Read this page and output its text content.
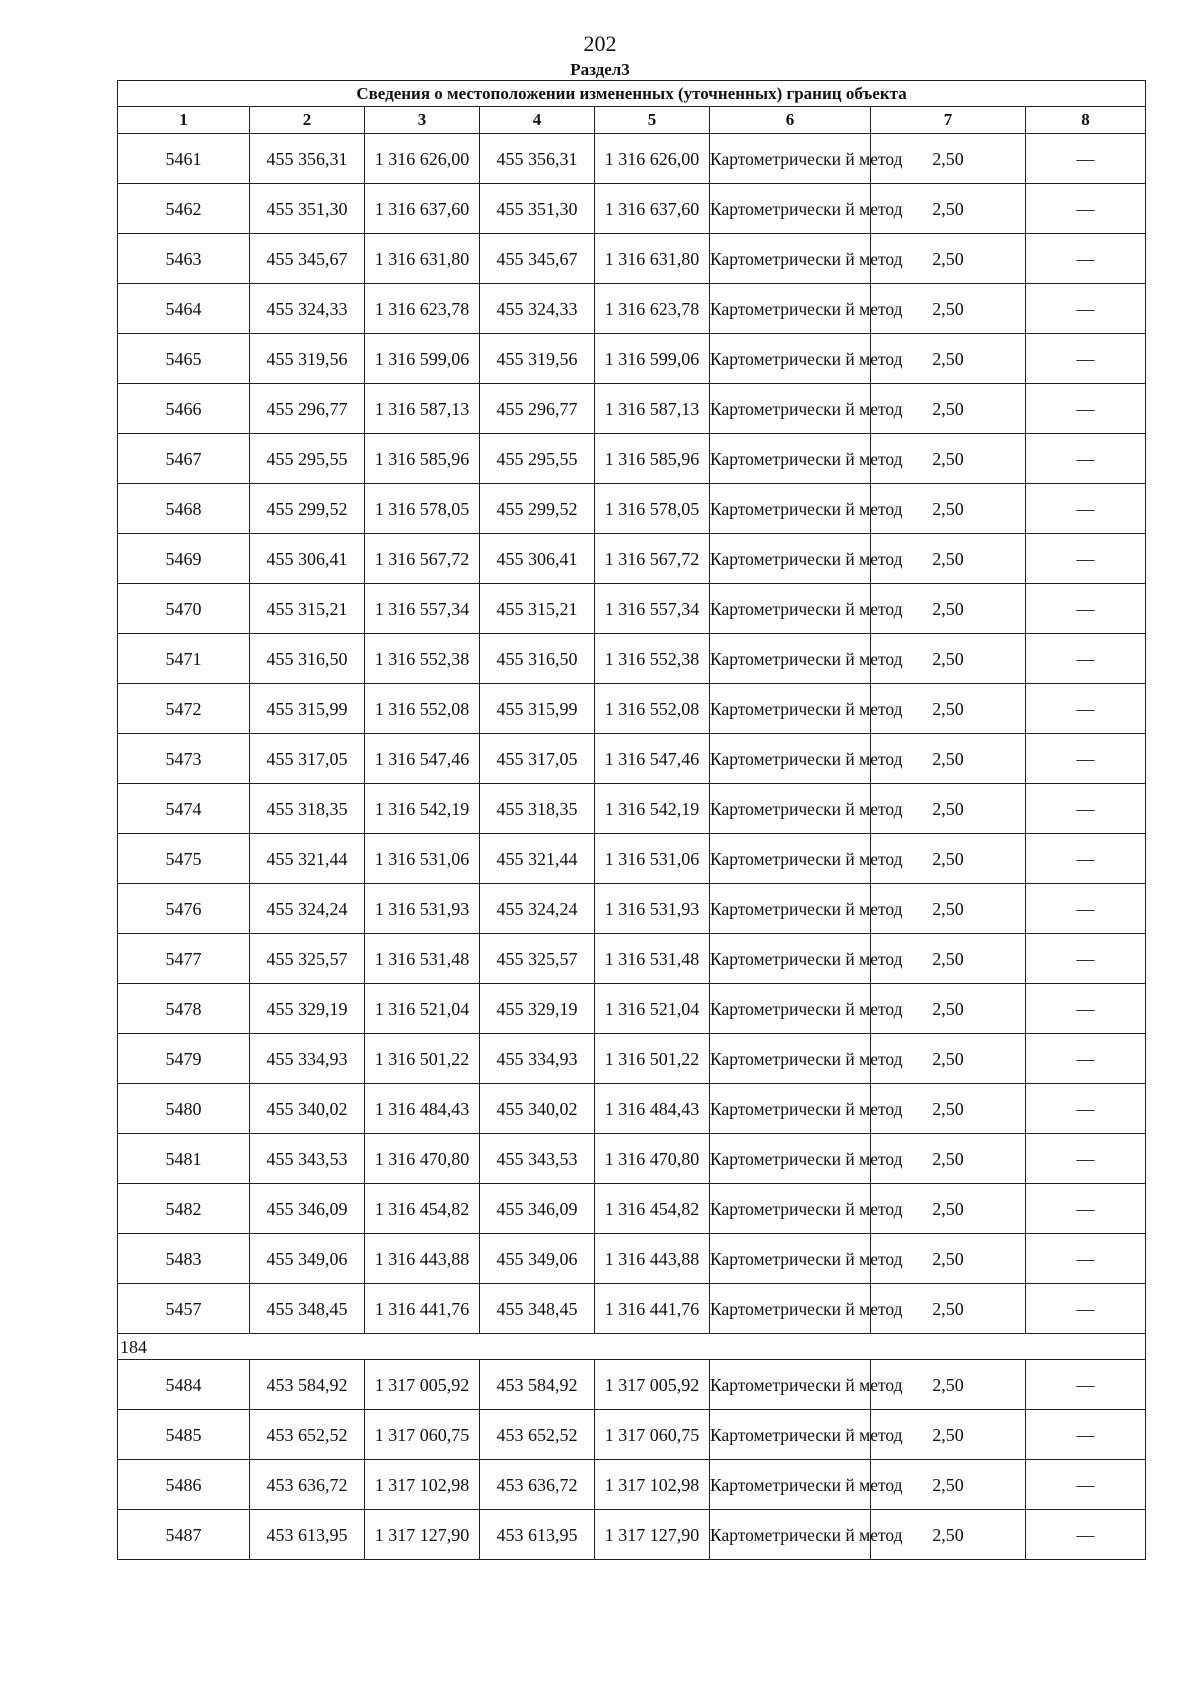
202
Раздел3
Сведения о местоположении измененных (уточненных) границ объекта							
1	2	3	4	5	6	7	8
5461	455 356,31	1 316 626,00	455 356,31	1 316 626,00	Картометрически й метод	2,50	—
5462	455 351,30	1 316 637,60	455 351,30	1 316 637,60	Картометрически й метод	2,50	—
5463	455 345,67	1 316 631,80	455 345,67	1 316 631,80	Картометрически й метод	2,50	—
5464	455 324,33	1 316 623,78	455 324,33	1 316 623,78	Картометрически й метод	2,50	—
5465	455 319,56	1 316 599,06	455 319,56	1 316 599,06	Картометрически й метод	2,50	—
5466	455 296,77	1 316 587,13	455 296,77	1 316 587,13	Картометрически й метод	2,50	—
5467	455 295,55	1 316 585,96	455 295,55	1 316 585,96	Картометрически й метод	2,50	—
5468	455 299,52	1 316 578,05	455 299,52	1 316 578,05	Картометрически й метод	2,50	—
5469	455 306,41	1 316 567,72	455 306,41	1 316 567,72	Картометрически й метод	2,50	—
5470	455 315,21	1 316 557,34	455 315,21	1 316 557,34	Картометрически й метод	2,50	—
5471	455 316,50	1 316 552,38	455 316,50	1 316 552,38	Картометрически й метод	2,50	—
5472	455 315,99	1 316 552,08	455 315,99	1 316 552,08	Картометрически й метод	2,50	—
5473	455 317,05	1 316 547,46	455 317,05	1 316 547,46	Картометрически й метод	2,50	—
5474	455 318,35	1 316 542,19	455 318,35	1 316 542,19	Картометрически й метод	2,50	—
5475	455 321,44	1 316 531,06	455 321,44	1 316 531,06	Картометрически й метод	2,50	—
5476	455 324,24	1 316 531,93	455 324,24	1 316 531,93	Картометрически й метод	2,50	—
5477	455 325,57	1 316 531,48	455 325,57	1 316 531,48	Картометрически й метод	2,50	—
5478	455 329,19	1 316 521,04	455 329,19	1 316 521,04	Картометрически й метод	2,50	—
5479	455 334,93	1 316 501,22	455 334,93	1 316 501,22	Картометрически й метод	2,50	—
5480	455 340,02	1 316 484,43	455 340,02	1 316 484,43	Картометрически й метод	2,50	—
5481	455 343,53	1 316 470,80	455 343,53	1 316 470,80	Картометрически й метод	2,50	—
5482	455 346,09	1 316 454,82	455 346,09	1 316 454,82	Картометрически й метод	2,50	—
5483	455 349,06	1 316 443,88	455 349,06	1 316 443,88	Картометрически й метод	2,50	—
5457	455 348,45	1 316 441,76	455 348,45	1 316 441,76	Картометрически й метод	2,50	—
184							
5484	453 584,92	1 317 005,92	453 584,92	1 317 005,92	Картометрически й метод	2,50	—
5485	453 652,52	1 317 060,75	453 652,52	1 317 060,75	Картометрически й метод	2,50	—
5486	453 636,72	1 317 102,98	453 636,72	1 317 102,98	Картометрически й метод	2,50	—
5487	453 613,95	1 317 127,90	453 613,95	1 317 127,90	Картометрически й метод	2,50	—
